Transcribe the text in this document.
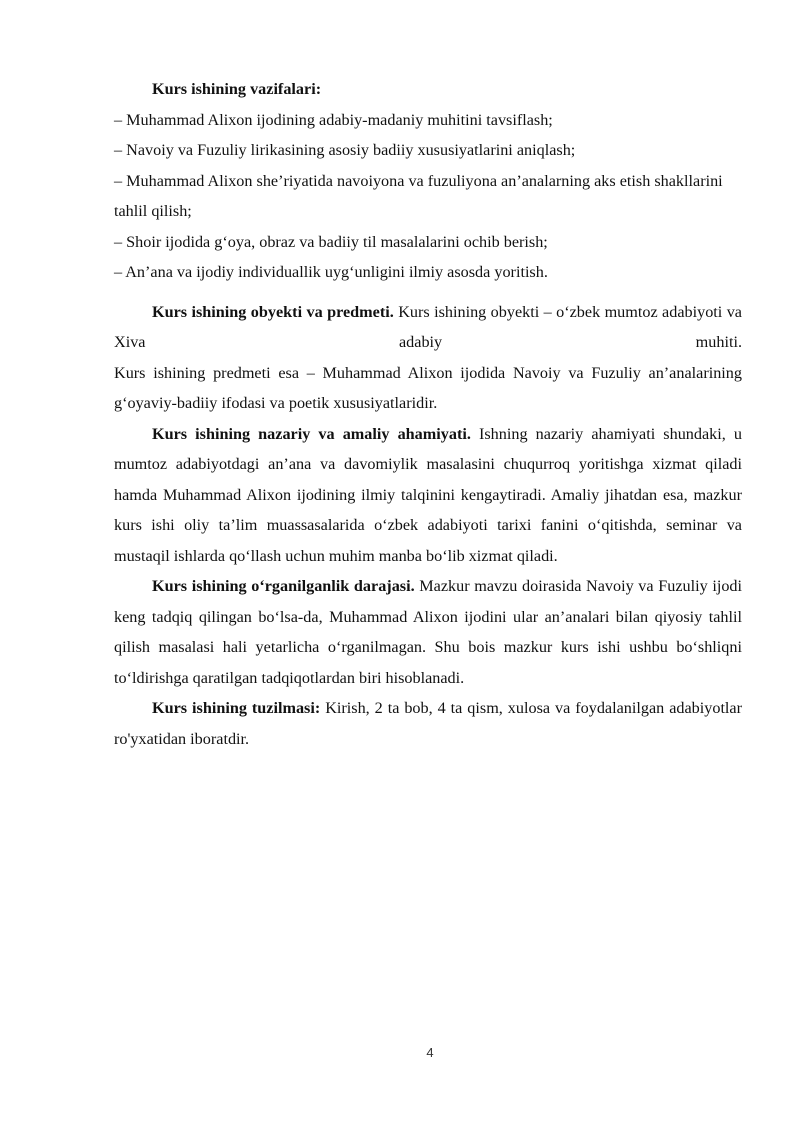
Kurs ishining vazifalari:

– Muhammad Alixon ijodining adabiy-madaniy muhitini tavsiflash;
– Navoiy va Fuzuliy lirikasining asosiy badiiy xususiyatlarini aniqlash;
– Muhammad Alixon she’riyatida navoiyona va fuzuliyona an’analarning aks etish shakllarini tahlil qilish;
– Shoir ijodida g‘oya, obraz va badiiy til masalalarini ochib berish;
– An’ana va ijodiy individuallik uyg‘unligini ilmiy asosda yoritish.

Kurs ishining obyekti va predmeti. Kurs ishining obyekti – o‘zbek mumtoz adabiyoti va Xiva adabiy muhiti.
Kurs ishining predmeti esa – Muhammad Alixon ijodida Navoiy va Fuzuliy an’analarining g‘oyaviy-badiiy ifodasi va poetik xususiyatlaridir.

Kurs ishining nazariy va amaliy ahamiyati. Ishning nazariy ahamiyati shundaki, u mumtoz adabiyotdagi an’ana va davomiylik masalasini chuqurroq yoritishga xizmat qiladi hamda Muhammad Alixon ijodining ilmiy talqinini kengaytiradi. Amaliy jihatdan esa, mazkur kurs ishi oliy ta’lim muassasalarida o‘zbek adabiyoti tarixi fanini o‘qitishda, seminar va mustaqil ishlarda qo‘llash uchun muhim manba bo‘lib xizmat qiladi.

Kurs ishining o‘rganilganlik darajasi. Mazkur mavzu doirasida Navoiy va Fuzuliy ijodi keng tadqiq qilingan bo‘lsa-da, Muhammad Alixon ijodini ular an’analari bilan qiyosiy tahlil qilish masalasi hali yetarlicha o‘rganilmagan. Shu bois mazkur kurs ishi ushbu bo‘shliqni to‘ldirishga qaratilgan tadqiqotlardan biri hisoblanadi.

Kurs ishining tuzilmasi: Kirish, 2 ta bob, 4 ta qism, xulosa va foydalanilgan adabiyotlar ro'yxatidan iboratdir.

4
